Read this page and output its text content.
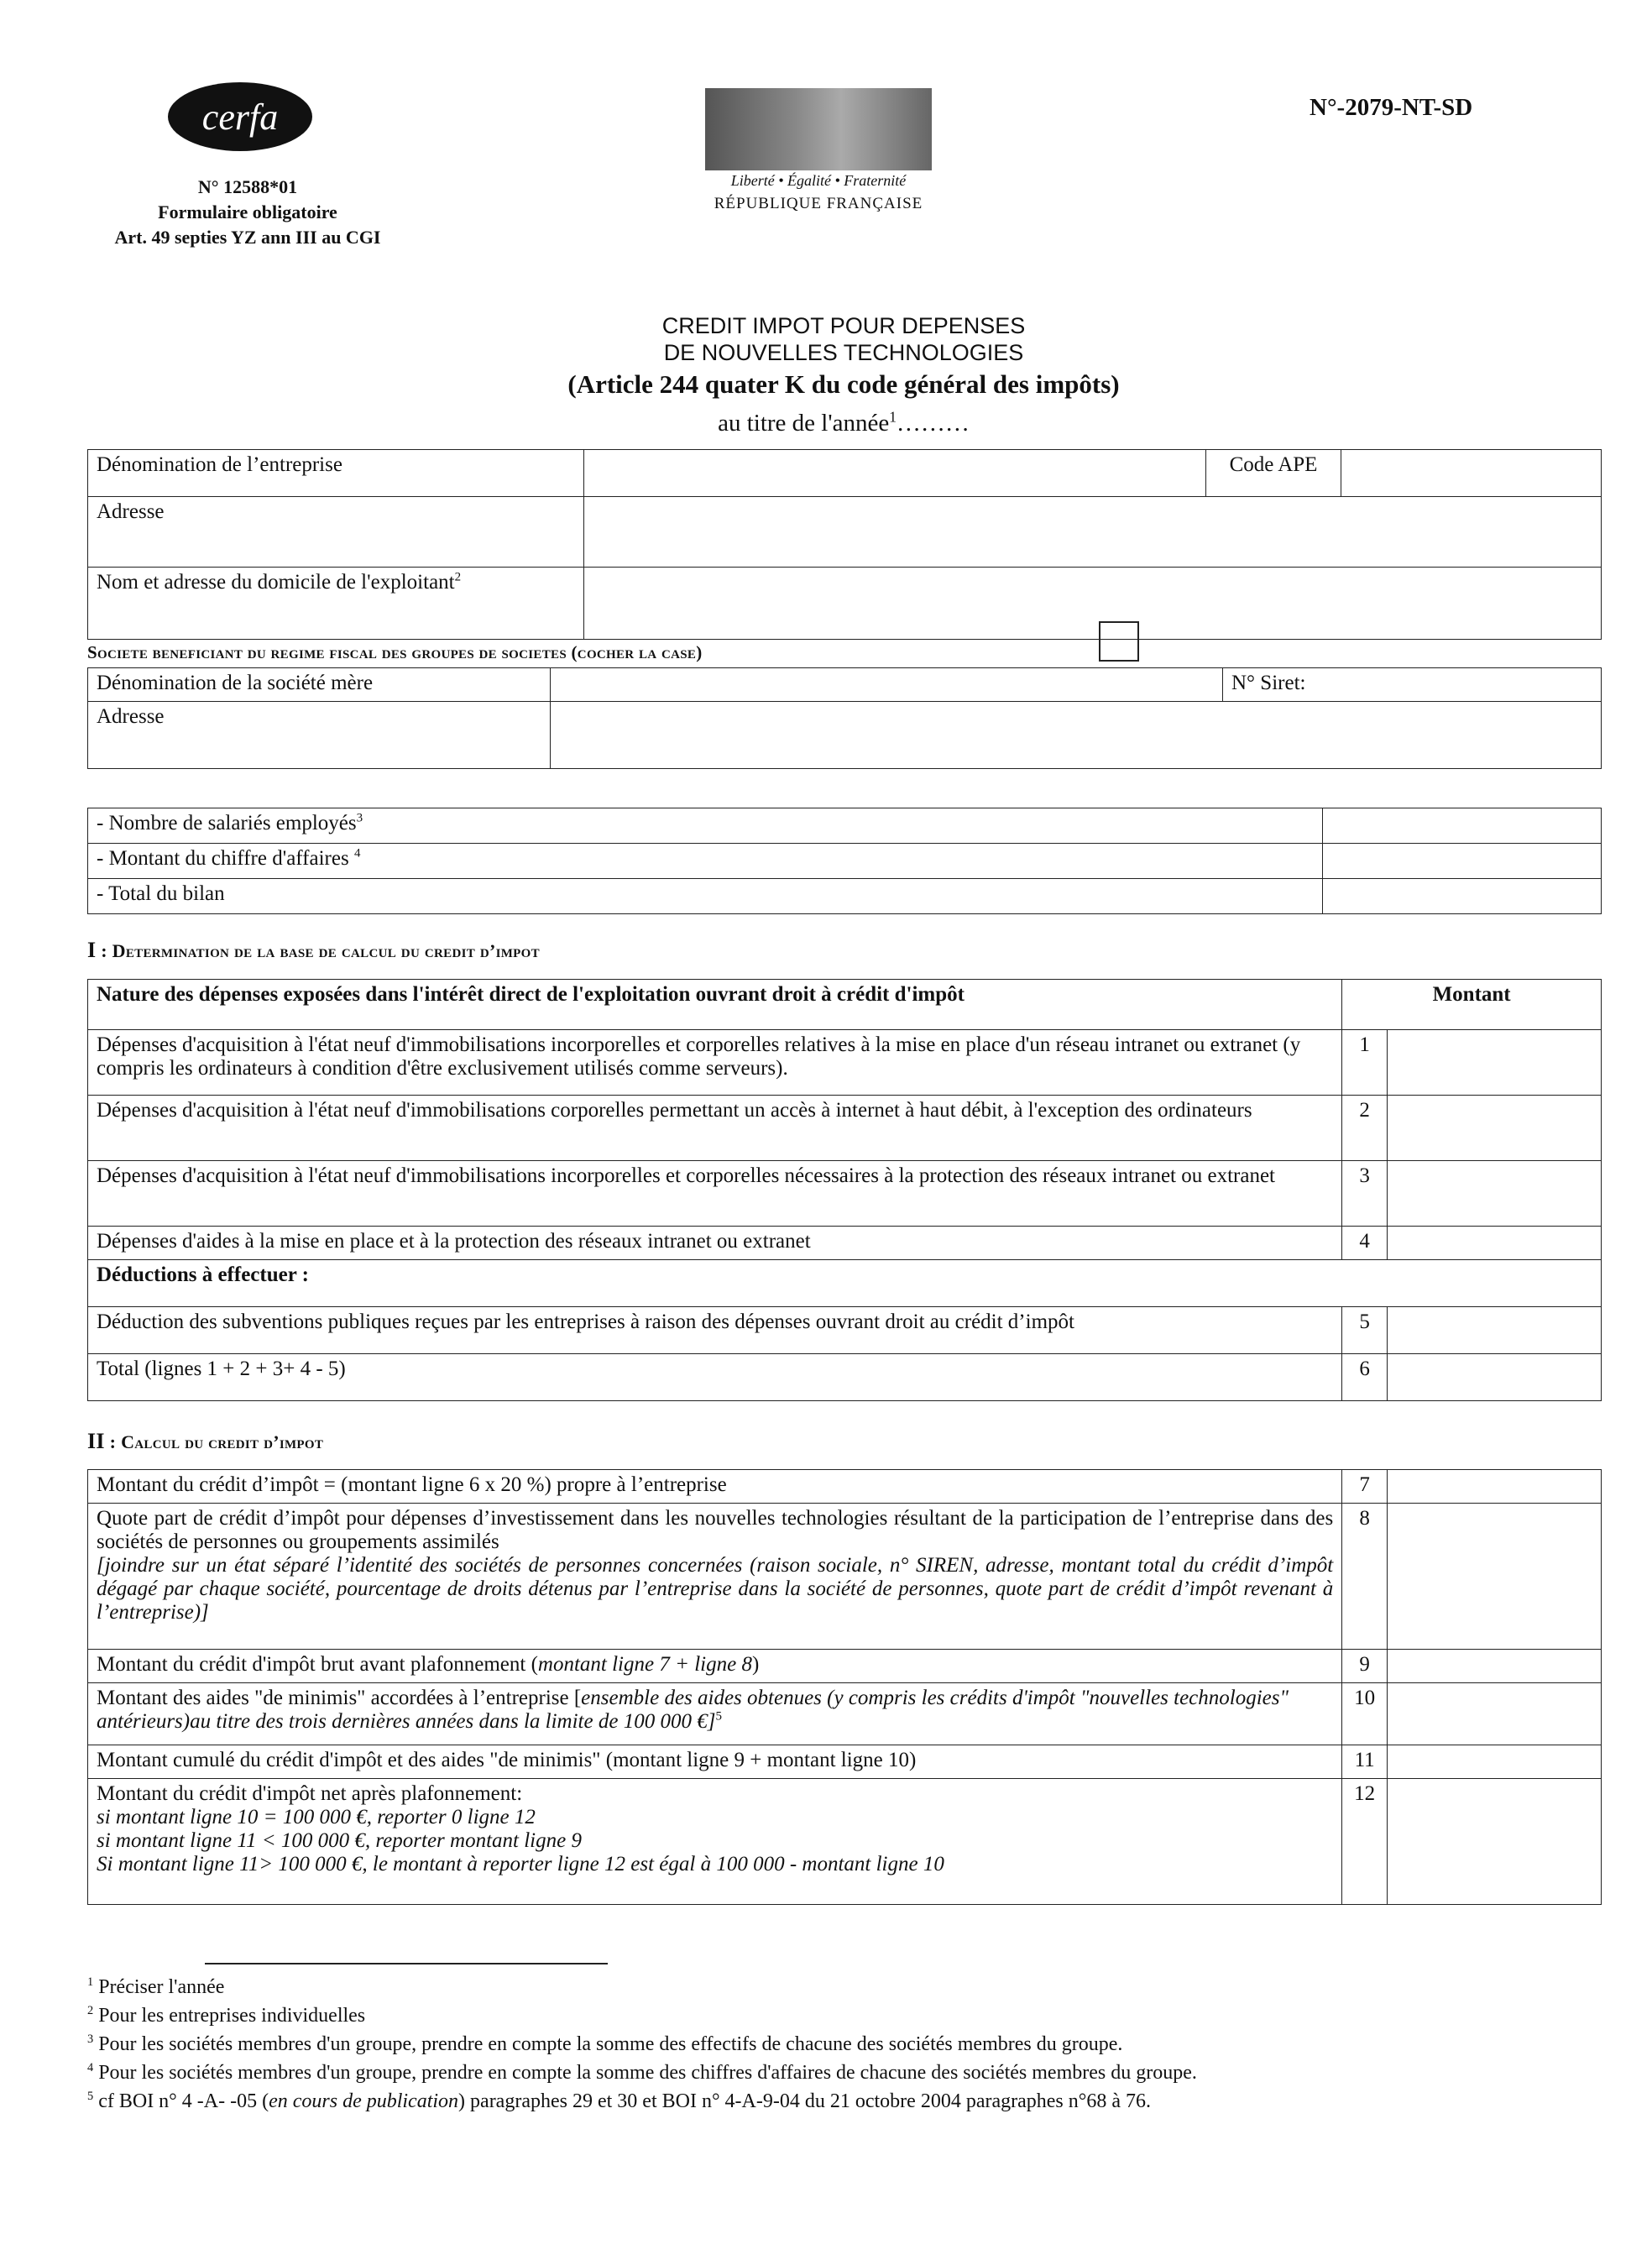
cerfa
N° 12588*01
Formulaire obligatoire
Art. 49 septies YZ ann III au CGI
Liberté • Égalité • Fraternité
RÉPUBLIQUE FRANÇAISE
N°-2079-NT-SD
CREDIT IMPOT POUR DEPENSES
DE NOUVELLES TECHNOLOGIES
(Article 244 quater K du code général des impôts)
au titre de l'année$^1$………
Dénomination de l’entreprise		Code APE	
Adresse			
Nom et adresse du domicile de l'exploitant$^2$	
Societe beneficiant du regime fiscal des groupes de societes (cocher la case)
Dénomination de la société mère		N° Siret:
Adresse		
- Nombre de salariés employés$^3$	
- Montant du chiffre d'affaires $^4$	
- Total du bilan	
I : Determination de la base de calcul du credit d’impot
Nature des dépenses exposées dans l'intérêt direct de l'exploitation ouvrant droit à crédit d'impôt	Montant	
Dépenses d'acquisition à l'état neuf d'immobilisations incorporelles et corporelles relatives à la mise en place d'un réseau intranet ou extranet (y compris les ordinateurs à condition d'être exclusivement utilisés comme serveurs).	1	
Dépenses d'acquisition à l'état neuf d'immobilisations corporelles permettant un accès à internet à haut débit, à l'exception des ordinateurs	2	
Dépenses d'acquisition à l'état neuf d'immobilisations incorporelles et corporelles nécessaires à la protection des réseaux intranet ou extranet	3	
Dépenses d'aides à la mise en place et à la protection des réseaux intranet ou extranet	4	
Déductions à effectuer :		
Déduction des subventions publiques reçues par les entreprises à raison des dépenses ouvrant droit au crédit d’impôt	5	
Total (lignes 1 + 2 + 3+ 4 - 5)	6	
II : Calcul du credit d’impot
Montant du crédit d’impôt = (montant ligne 6 x 20 %) propre à l’entreprise	7	

Quote part de crédit d’impôt pour dépenses d’investissement dans les nouvelles technologies résultant de la participation de l’entreprise dans des sociétés de personnes ou groupements assimilés
[joindre sur un état séparé l’identité des sociétés de personnes concernées (raison sociale, n° SIREN, adresse, montant total du crédit d’impôt dégagé par chaque société, pourcentage de droits détenus par l’entreprise dans la société de personnes, quote part de crédit d’impôt revenant à l’entreprise)]	8	
Montant du crédit d'impôt brut avant plafonnement (montant ligne 7 + ligne 8)	9	
Montant des aides "de minimis" accordées à l’entreprise [ensemble des aides obtenues (y compris les crédits d'impôt "nouvelles technologies" antérieurs)au titre des trois dernières années dans la limite de 100 000 €]$^5$	10	
Montant cumulé du crédit d'impôt et des aides "de minimis" (montant ligne 9 + montant ligne 10)	11	

Montant du crédit d'impôt net après plafonnement:
si montant ligne 10 = 100 000 €, reporter 0 ligne 12
si montant ligne 11 < 100 000 €, reporter montant ligne 9
Si montant ligne 11> 100 000 €, le montant à reporter ligne 12 est égal à 100 000 - montant ligne 10	12	
$^1$ Préciser l'année
$^2$ Pour les entreprises individuelles
$^3$ Pour les sociétés membres d'un groupe, prendre en compte la somme des effectifs de chacune des sociétés membres du groupe.
$^4$ Pour les sociétés membres d'un groupe, prendre en compte la somme des chiffres d'affaires de chacune des sociétés membres du groupe.
$^5$ cf BOI n° 4 -A- -05 (en cours de publication) paragraphes 29 et 30 et BOI n° 4-A-9-04 du 21 octobre 2004 paragraphes n°68 à 76.
